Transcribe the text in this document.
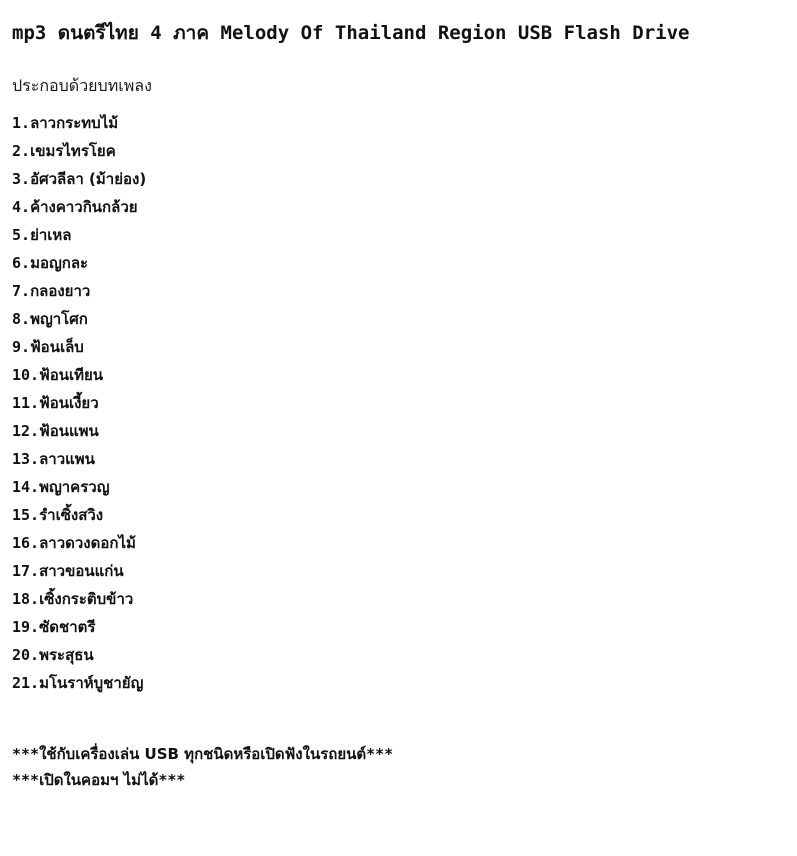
mp3 ดนตรีไทย 4 ภาค Melody Of Thailand Region USB Flash Drive
ประกอบด้วยบทเพลง
1.ลาวกระทบไม้
2.เขมรไทรโยค
3.อัศวลีลา (ม้าย่อง)
4.ค้างคาวกินกล้วย
5.ย่าเหล
6.มอญกละ
7.กลองยาว
8.พญาโศก
9.ฟ้อนเล็บ
10.ฟ้อนเทียน
11.ฟ้อนเงี้ยว
12.ฟ้อนแพน
13.ลาวแพน
14.พญาครวญ
15.รำเซิ้งสวิง
16.ลาวดวงดอกไม้
17.สาวขอนแก่น
18.เซิ้งกระติบข้าว
19.ซัดชาตรี
20.พระสุธน
21.มโนราห์บูชายัญ
***ใช้กับเครื่องเล่น USB ทุกชนิดหรือเปิดฟังในรถยนต์***
***เปิดในคอมฯ ไม่ได้***
